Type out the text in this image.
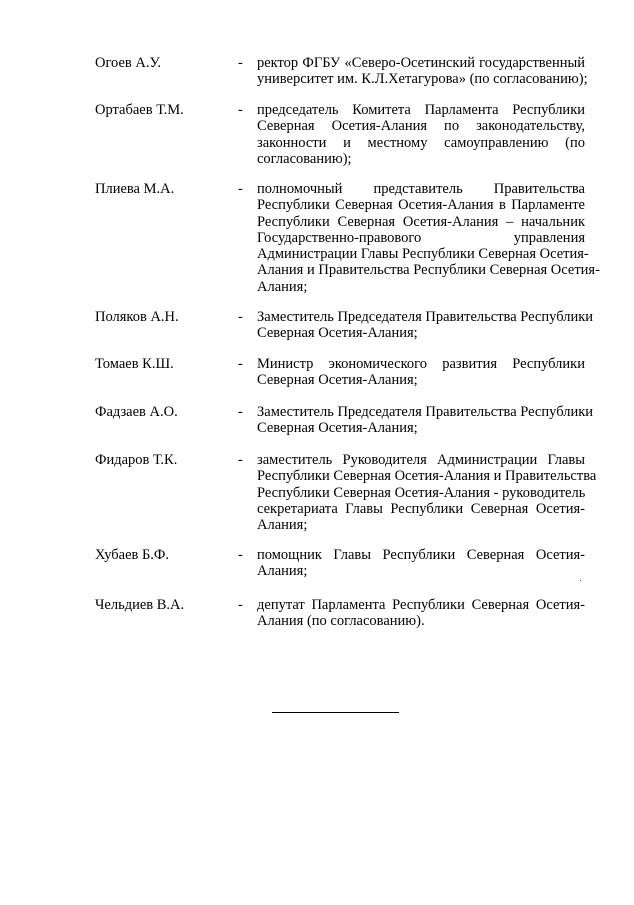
Огоев А.У.	- ректор ФГБУ «Северо-Осетинский государственный
университет им. К.Л.Хетагурова» (по согласованию);
Ортабаев Т.М.	- председатель Комитета Парламента Республики
Северная Осетия-Алания по законодательству,
законности и местному самоуправлению (по
согласованию);
Плиева М.А.	- полномочный представитель Правительства
Республики Северная Осетия-Алания в Парламенте
Республики Северная Осетия-Алания – начальник
Государственно-правового управления
Администрации Главы Республики Северная Осетия-
Алания и Правительства Республики Северная Осетия-
Алания;
Поляков А.Н.	- Заместитель Председателя Правительства Республики
Северная Осетия-Алания;
Томаев К.Ш.	- Министр экономического развития Республики
Северная Осетия-Алания;
Фадзаев А.О.	- Заместитель Председателя Правительства Республики
Северная Осетия-Алания;
Фидаров Т.К.	- заместитель Руководителя Администрации Главы
Республики Северная Осетия-Алания и Правительства
Республики Северная Осетия-Алания - руководитель
секретариата Главы Республики Северная Осетия-
Алания;
Хубаев Б.Ф.	- помощник Главы Республики Северная Осетия-
Алания;
Чельдиев В.А.	- депутат Парламента Республики Северная Осетия-
Алания (по согласованию).
